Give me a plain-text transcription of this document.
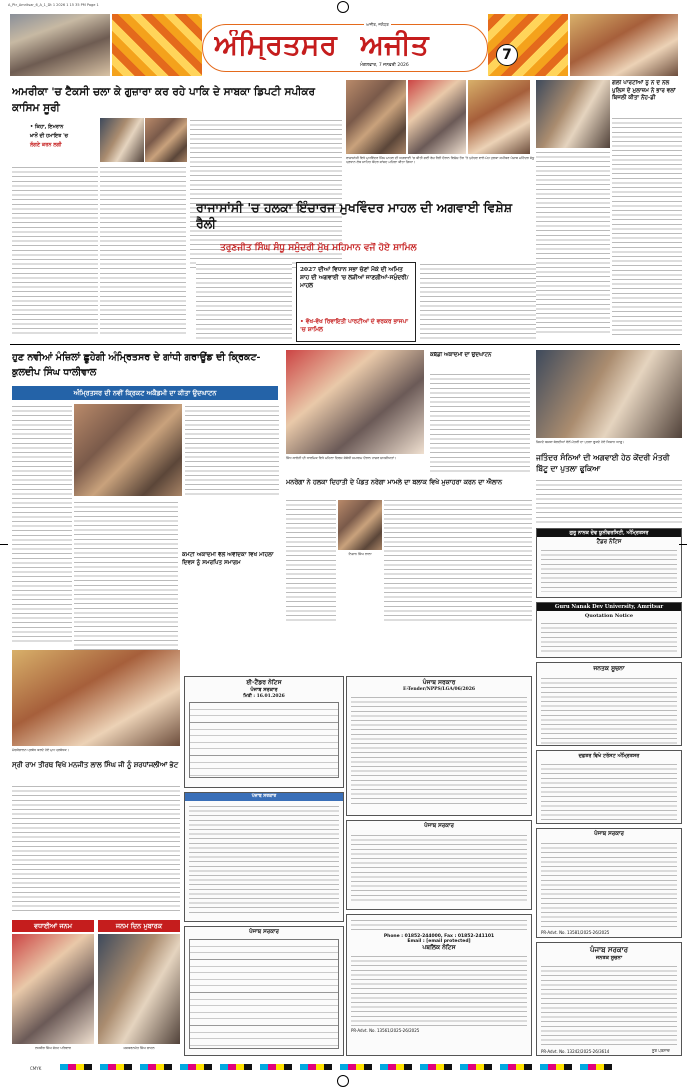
A_Ptr_Amritsar_6_A_1_Dt 1 2026 1 15 35 PM Page 1
ਅੰਮ੍ਰਿਤਸਰ ਅਜੀਤ
ਅਜੀਤ, ਜਲੰਧਰ
ਮੰਗਲਵਾਰ, 7 ਜਨਵਰੀ 2026
7
ਅਮਰੀਕਾ 'ਚ ਟੈਕਸੀ ਚਲਾ ਕੇ ਗੁਜ਼ਾਰਾ ਕਰ ਰਹੇ ਪਾਕਿ ਦੇ ਸਾਬਕਾ ਡਿਪਟੀ ਸਪੀਕਰ ਕਾਸਿਮ ਸੂਰੀ
• ਕਿਹਾ, ਇਮਰਾਨ
ਖ਼ਾਨੋਂ ਦੀ ਹਮਾਇਤ 'ਚ
ਲੱਗਣੇ ਕਰਨ ਲਗੀ
ਰਾਜਾਸਾਂਸੀ ਵਿਖੇ ਮੁਖਵਿੰਦਰ ਸਿੰਘ ਮਾਹਲ ਦੀ ਅਗਵਾਈ 'ਚ ਕੀਤੀ ਗਈ ਰੋਸ਼ ਰੈਲੀ ਦੌਰਾਨ ਵਿਸ਼ੇਸ਼ ਤੌਰ 'ਤੇ ਪੁਹੰਚਣ ਵਾਲੇ ਮੋਹ ਹੁਲਕਾ ਸਪੀਕਰ ਪੰਜਾਬ ਮਹਿੰਦਰ ਸੰਧੂ ਪ੍ਰਧਾਨ ਲੋਕ ਸਾਹਿਤ ਕੇਂਦਰ ਸਾਂਸਦ ਮਹਿਲਾ ਕੀਤਾ ਗਿਆ।
ਗੋਲੀ ਪਾਰਟੀਆਂ ਨੂੰ ਨੇ ਦੇ ਨੇਲ ਪੁਲਿਸ ਦੇ ਮੁਲਾਜ਼ਮ ਨੇ ਭਾਰ ਵਲਾਂ ਬਿਜਲੀ ਕੀਤਾ ਨੋਂਹ-ਡੀ
ਰਾਜਾਸਾਂਸੀ 'ਚ ਹਲਕਾ ਇੰਚਾਰਜ ਮੁਖਵਿੰਦਰ ਮਾਹਲ ਦੀ ਅਗਵਾਈ ਵਿਸ਼ੇਸ਼ ਰੈਲੀ
ਤਰੁਣਜੀਤ ਸਿੰਘ ਸੰਧੂ ਸਮੁੰਦਰੀ ਮੁੱਖ ਮਹਿਮਾਨ ਵਜੋਂ ਹੋਏ ਸ਼ਾਮਿਲ
2027 ਦੀਆਂ ਵਿਧਾਨ ਸਭਾ ਚੋਣਾਂ ਮੌਕੇ ਦੀ ਅਮਿਤ ਸ਼ਾਹ ਦੀ ਅਗਵਾਈ 'ਚ ਲੜੀਆਂ ਜਾਣਗੀਆਂ-ਸਮੁੰਦਰੀ/ਮਾਹਲ
• ਵੱਖ-ਵੱਖ ਰਿਵਾਇਤੀ ਪਾਰਟੀਆਂ ਦੇ ਵਰਕਰ ਭਾਜਪਾ 'ਚ ਸ਼ਾਮਿਲ
ਹੁਣ ਨਵੀਆਂ ਮੰਜ਼ਿਲਾਂ ਛੂਹੇਗੀ ਅੰਮ੍ਰਿਤਸਰ ਦੇ ਗਾਂਧੀ ਗਰਾਊਂਡ ਦੀ ਕ੍ਰਿਕਟ-ਕੁਲਦੀਪ ਸਿੰਘ ਧਾਲੀਵਾਲ
ਅੰਮ੍ਰਿਤਸਰ ਦੀ ਨਵੀਂ ਕ੍ਰਿਕਟ ਅਕੈਡਮੀ ਦਾ ਕੀਤਾ ਉਦਘਾਟਨ
ਸਿੱਖ ਕਾਲੋਨੀ ਦੀ ਧਾਰਮਿਕ ਵਿਖੇ ਮਹਿਲਾ ਦਿਵਸ ਸੰਬੰਧੀ ਸਮਾਗਮ ਦੌਰਾਨ ਹਾਜ਼ਰ ਸ਼ਖਸੀਅਤਾਂ।
ਕਬੱਡੀ ਅਕਾਦਮੀ ਦਾ ਉਦਘਾਟਨ
ਜਿਸਦੇ ਕਸਬਾ ਬੋਲਦੀਆਂ ਵੱਲੋਂ ਮੰਤਰੀ ਦਾ ਪੁਤਲਾ ਫੂਕਦੇ ਹੋਏ ਕਿਸਾਨ ਆਗੂ।
ਜਤਿੰਦਰ ਸੰਨਿਆਂ ਦੀ ਅਗਵਾਈ ਹੇਠ ਕੇਂਦਰੀ ਮੰਤਰੀ ਬਿੱਟੂ ਦਾ ਪੁਤਲਾ ਫੂਕਿਆ
ਮਨਰੇਗਾ ਨੇ ਹਲਕਾ ਦਿਹਾਤੀ ਦੇ ਪੰਡਤ ਨਰੇਗਾ ਮਾਮਲੇ ਦਾ ਬਲਾਕ ਵਿਖੇ ਮੁਜ਼ਾਹਰਾ ਕਰਨ ਦਾ ਐਲਾਨ
ਨਿਸ਼ਾਨ ਸਿੰਘ ਲਾਲਾ
ਕਮੇਟੀ ਅਕਾਦਮੀ ਵੱਲੋਂ ਅਵੈਦਿਕਾ ਵਿਖੇ ਮਹਿਲਾ ਦਿਵਸ ਨੂੰ ਸਮਰਪਿਤ ਸਮਾਗਮ
ਗੁਰੂ ਨਾਨਕ ਦੇਵ ਯੂਨੀਵਰਸਿਟੀ, ਅੰਮ੍ਰਿਤਸਰ
ਟੈਂਡਰ ਨੋਟਿਸ
Guru Nanak Dev University, Amritsar
Quotation Notice
ਮੰਚਸੰਚਾਲਨ ਪ੍ਰਬੰਧ ਕਰਦੇ ਹੋਏ ਮੁਖ ਪ੍ਰਬੰਧਕ।
ਸ੍ਰੀ ਰਾਮ ਤੀਰਥ ਵਿਖੇ ਮਨਜੀਤ ਲਾਲ ਸਿੰਘ ਜੀ ਨੂੰ ਸ਼ਰਧਾਂਜਲੀਆਂ ਭੇਟ
ਵਧਾਈਆਂ ਜਨਮ	ਜਨਮ ਦਿਨ ਮੁਬਾਰਕ
ਲਖਬੀਰ ਸਿੰਘ ਸੰਨਹ ਪਰਿਵਾਰ	ਜਸਕਰਨਜੋਤ ਸਿੰਘ ਚਾਹਲ
ਈ-ਟੈਂਡਰ ਨੋਟਿਸ
ਪੰਜਾਬ ਸਰਕਾਰ
ਮਿਤੀ : 16.01.2026
ਪੰਜਾਬ ਸਰਕਾਰ
E-Tender/NPPS/LGA/06/2026
ਜਨਤਕ ਸੂਚਨਾ
ਦਫ਼ਤਰ ਵਿਖੇ ਟਰੱਸਟ ਅੰਮ੍ਰਿਤਸਰ
ਪੰਜਾਬ ਸਰਕਾਰ
ਪੰਜਾਬ ਸਰਕਾਰ
ਪੰਜਾਬ ਸਰਕਾਰ
Phone : 01852-244000, Fax : 01852-241101
Email : [email protected]
ਪਬਲਿਕ ਨੋਟਿਸ
PR-Advt. No. 13561/2025-26/2025
ਪੰਜਾਬ ਸਰਕਾਰ
PR-Advt. No. 13581/2025-26/2025
ਪੰਜਾਬ ਸਰਕਾਰ
ਜਨਤਕ ਸੂਚਨਾ
PR-Advt. No. 13242/2025-26/3614	ਨੂਰ ਪਰਸ਼ਾਦ
CMYK
